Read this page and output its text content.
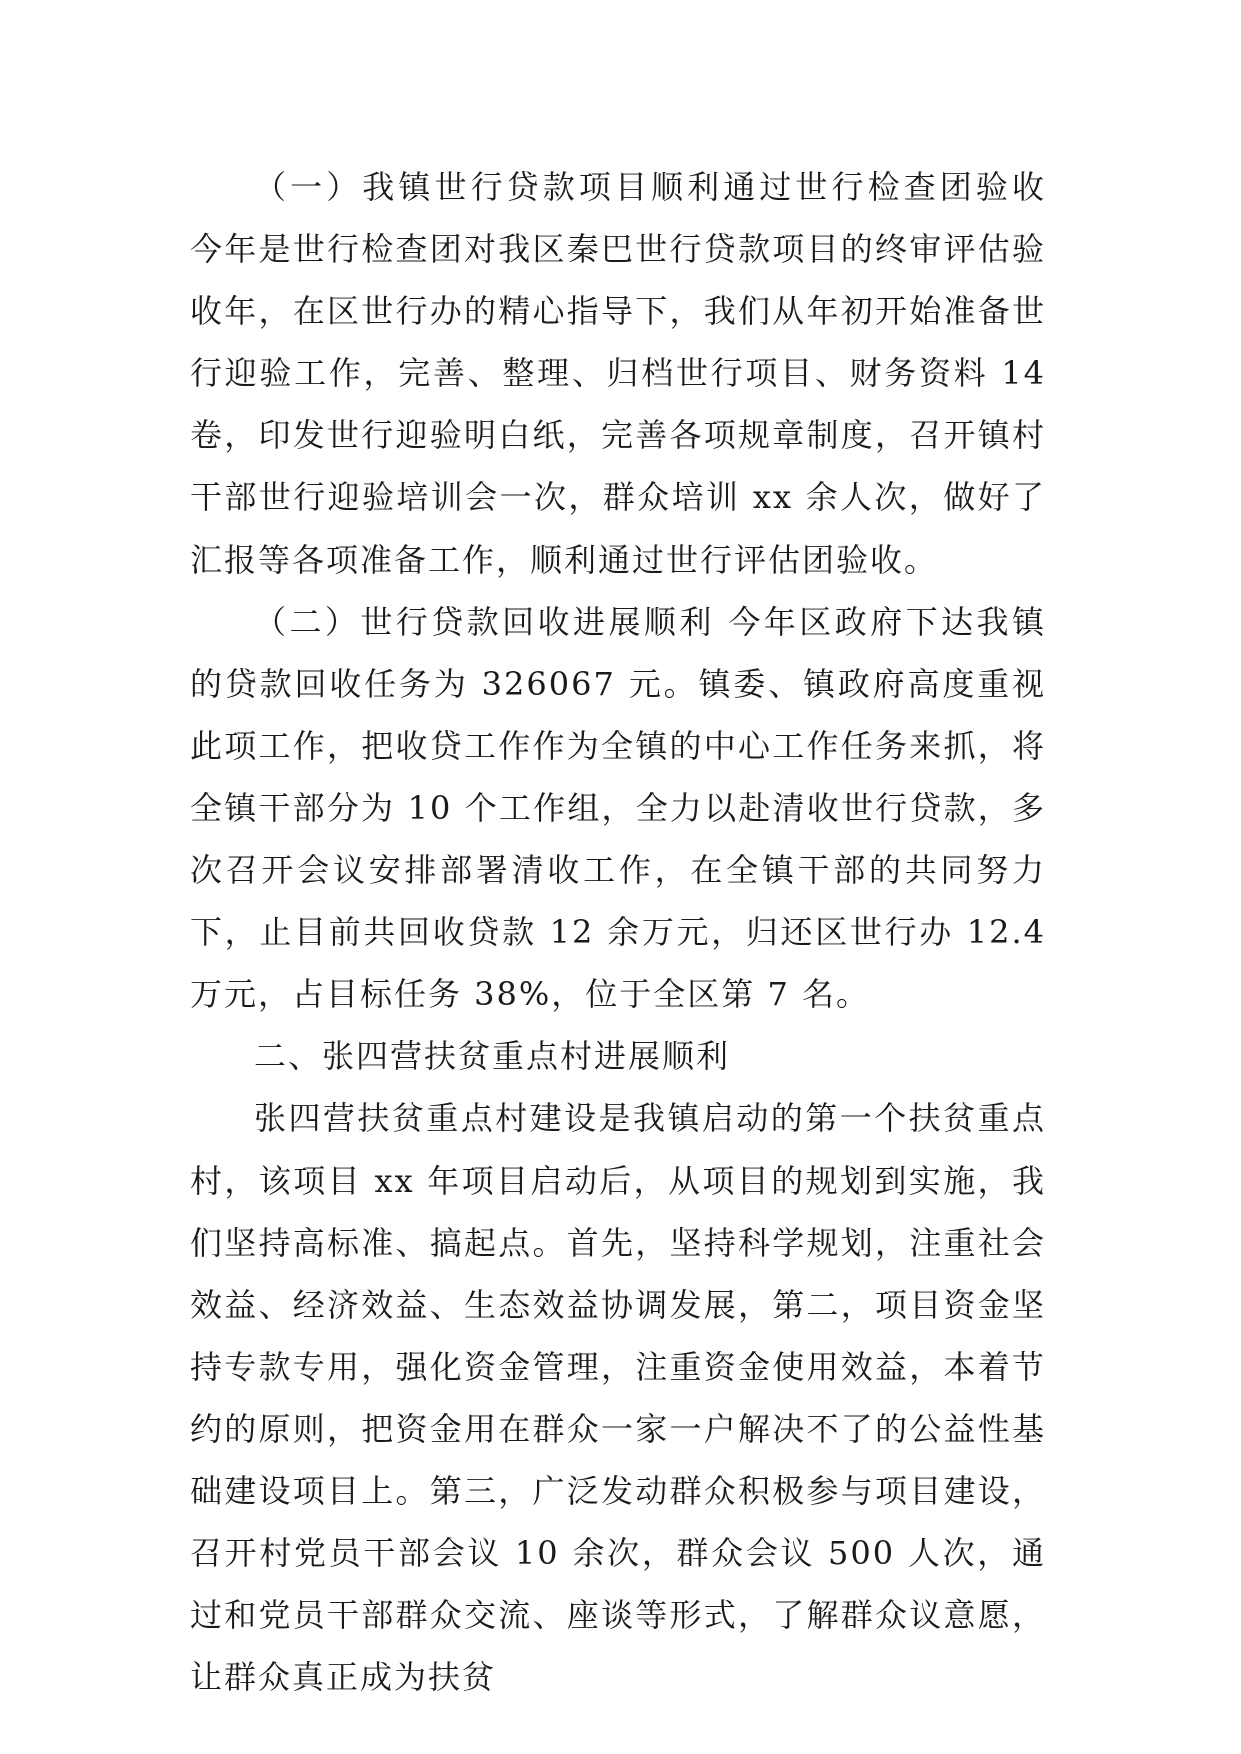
（一）我镇世行贷款项目顺利通过世行检查团验收 今年是世行检查团对我区秦巴世行贷款项目的终审评估验收年，在区世行办的精心指导下，我们从年初开始准备世行迎验工作，完善、整理、归档世行项目、财务资料 14 卷，印发世行迎验明白纸，完善各项规章制度，召开镇村干部世行迎验培训会一次，群众培训 xx 余人次，做好了汇报等各项准备工作，顺利通过世行评估团验收。

（二）世行贷款回收进展顺利 今年区政府下达我镇的贷款回收任务为 326067 元。镇委、镇政府高度重视此项工作，把收贷工作作为全镇的中心工作任务来抓，将全镇干部分为 10 个工作组，全力以赴清收世行贷款，多次召开会议安排部署清收工作，在全镇干部的共同努力下，止目前共回收贷款 12 余万元，归还区世行办 12.4 万元，占目标任务 38%，位于全区第 7 名。

二、张四营扶贫重点村进展顺利

张四营扶贫重点村建设是我镇启动的第一个扶贫重点村，该项目 xx 年项目启动后，从项目的规划到实施，我们坚持高标准、搞起点。首先，坚持科学规划，注重社会效益、经济效益、生态效益协调发展，第二，项目资金坚持专款专用，强化资金管理，注重资金使用效益，本着节约的原则，把资金用在群众一家一户解决不了的公益性基础建设项目上。第三，广泛发动群众积极参与项目建设，召开村党员干部会议 10 余次，群众会议 500 人次，通过和党员干部群众交流、座谈等形式，了解群众议意愿，让群众真正成为扶贫
